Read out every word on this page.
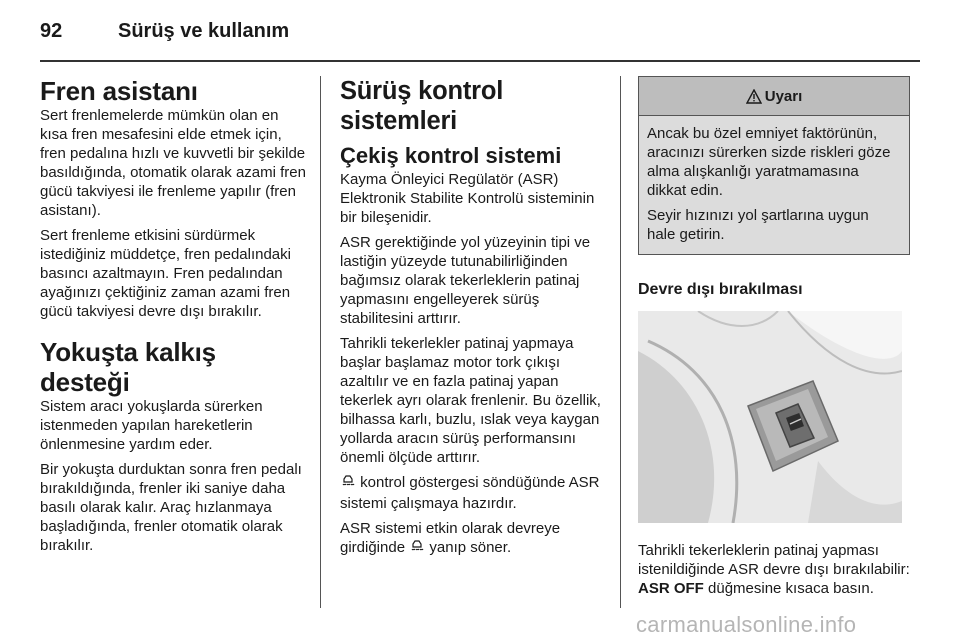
92	Sürüş ve kullanım
Fren asistanı

Sert frenlemelerde mümkün olan en kısa fren mesafesini elde etmek için, fren pedalına hızlı ve kuvvetli bir şekilde basıldığında, otomatik olarak azami fren gücü takviyesi ile frenleme yapılır (fren asistanı).

Sert frenleme etkisini sürdürmek istediğiniz müddetçe, fren pedalındaki basıncı azaltmayın. Fren pedalından ayağınızı çektiğiniz zaman azami fren gücü takviyesi devre dışı bırakılır.

Yokuşta kalkış desteği

Sistem aracı yokuşlarda sürerken istenmeden yapılan hareketlerin önlenmesine yardım eder.

Bir yokuşta durduktan sonra fren pedalı bırakıldığında, frenler iki saniye daha basılı olarak kalır. Araç hızlanmaya başladığında, frenler otomatik olarak bırakılır.

Sürüş kontrol sistemleri
Çekiş kontrol sistemi

Kayma Önleyici Regülatör (ASR) Elektronik Stabilite Kontrolü sisteminin bir bileşenidir.

ASR gerektiğinde yol yüzeyinin tipi ve lastiğin yüzeyde tutunabilirliğinden bağımsız olarak tekerleklerin patinaj yapmasını engelleyerek sürüş stabilitesini arttırır.

Tahrikli tekerlekler patinaj yapmaya başlar başlamaz motor tork çıkışı azaltılır ve en fazla patinaj yapan tekerlek ayrı olarak frenlenir. Bu özellik, bilhassa karlı, buzlu, ıslak veya kaygan yollarda aracın sürüş performansını önemli ölçüde arttırır.

kontrol göstergesi söndüğünde ASR sistemi çalışmaya hazırdır.

ASR sistemi etkin olarak devreye girdiğinde  yanıp söner.

Uyarı

Ancak bu özel emniyet faktörünün, aracınızı sürerken sizde riskleri göze alma alışkanlığı yaratmamasına dikkat edin.

Seyir hızınızı yol şartlarına uygun hale getirin.

Devre dışı bırakılması

Tahrikli tekerleklerin patinaj yapması istenildiğinde ASR devre dışı bırakılabilir: ASR OFF düğmesine kısaca basın.

carmanualsonline.info
